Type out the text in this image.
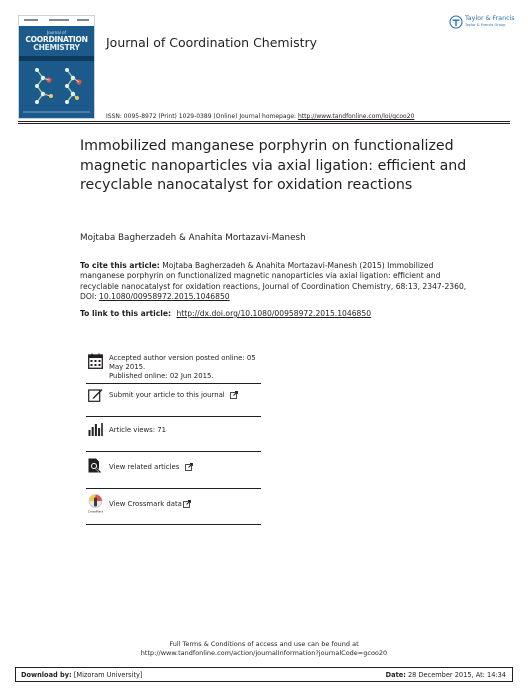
Journal of
COORDINATION
CHEMISTRY	Journal of Coordination Chemistry
Taylor & Francis
Taylor & Francis Group
ISSN: 0095-8972 (Print) 1029-0389 (Online) Journal homepage: http://www.tandfonline.com/loi/gcoo20
Immobilized manganese porphyrin on functionalized magnetic nanoparticles via axial ligation: efficient and recyclable nanocatalyst for oxidation reactions
Mojtaba Bagherzadeh & Anahita Mortazavi-Manesh
To cite this article: Mojtaba Bagherzadeh & Anahita Mortazavi-Manesh (2015) Immobilized manganese porphyrin on functionalized magnetic nanoparticles via axial ligation: efficient and recyclable nanocatalyst for oxidation reactions, Journal of Coordination Chemistry, 68:13, 2347-2360, DOI: 10.1080/00958972.2015.1046850
To link to this article: http://dx.doi.org/10.1080/00958972.2015.1046850
Accepted author version posted online: 05
May 2015.
Published online: 02 Jun 2015.
Submit your article to this journal
Article views: 71
View related articles
CrossMark
View Crossmark data
Full Terms & Conditions of access and use can be found at
http://www.tandfonline.com/action/journalInformation?journalCode=gcoo20
Download by: [Mizoram University]	Date: 28 December 2015, At: 14:34
